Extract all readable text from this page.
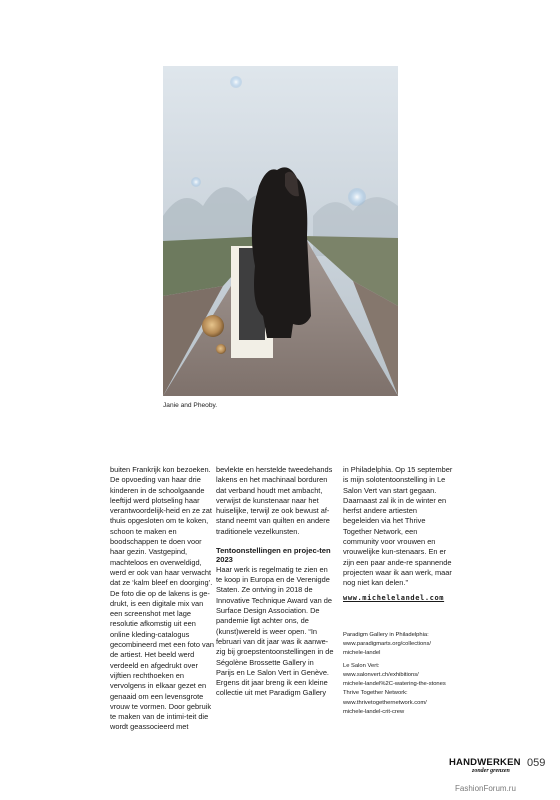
Janie and Pheoby.

buiten Frankrijk kon bezoeken. De opvoeding van haar drie kinderen in de schoolgaande leeftijd werd plotseling haar verantwoordelijk-heid en ze zat thuis opgesloten om te koken, schoon te maken en boodschappen te doen voor haar gezin. Vastgepind, machteloos en overweldigd, werd er ook van haar verwacht dat ze ‘kalm bleef en doorging’.

De foto die op de lakens is ge-drukt, is een digitale mix van een screenshot met lage resolutie afkomstig uit een online kleding-catalogus gecombineerd met een foto van de artiest. Het beeld werd verdeeld en afgedrukt over vijftien rechthoeken en vervolgens in elkaar gezet en genaaid om een levensgrote vrouw te vormen. Door gebruik te maken van de intimi-teit die wordt geassocieerd met

bevlekte en herstelde tweedehands lakens en het machinaal borduren dat verband houdt met ambacht, verwijst de kunstenaar naar het huiselijke, terwijl ze ook bewust af-stand neemt van quilten en andere traditionele vezelkunsten.

Tentoonstellingen en projec-ten 2023

Haar werk is regelmatig te zien en te koop in Europa en de Verenigde Staten. Ze ontving in 2018 de Innovative Technique Award van de Surface Design Association. De pandemie ligt achter ons, de (kunst)wereld is weer open. “In februari van dit jaar was ik aanwe-zig bij groepstentoonstellingen in de Ségolène Brossette Gallery in Parijs en Le Salon Vert in Genève. Ergens dit jaar breng ik een kleine collectie uit met Paradigm Gallery

in Philadelphia. Op 15 september is mijn solotentoonstelling in Le Salon Vert van start gegaan. Daarnaast zal ik in de winter en herfst andere artiesten begeleiden via het Thrive Together Network, een community voor vrouwen en vrouwelijke kun-stenaars. En er zijn een paar ande-re spannende projecten waar ik aan werk, maar nog niet kan delen.”

www.michelelandel.com

Paradigm Gallery in Philadelphia:

www.paradigmarts.org/collections/

michele-landel

Le Salon Vert: www.salonvert.ch/exhibitions/

michele-landel%2C-watering-the-stones

Thrive Together Network:

www.thrivetogethernetwork.com/

michele-landel-crit-crew

HANDWERKEN
zonder grenzen
059
FashionForum.ru
